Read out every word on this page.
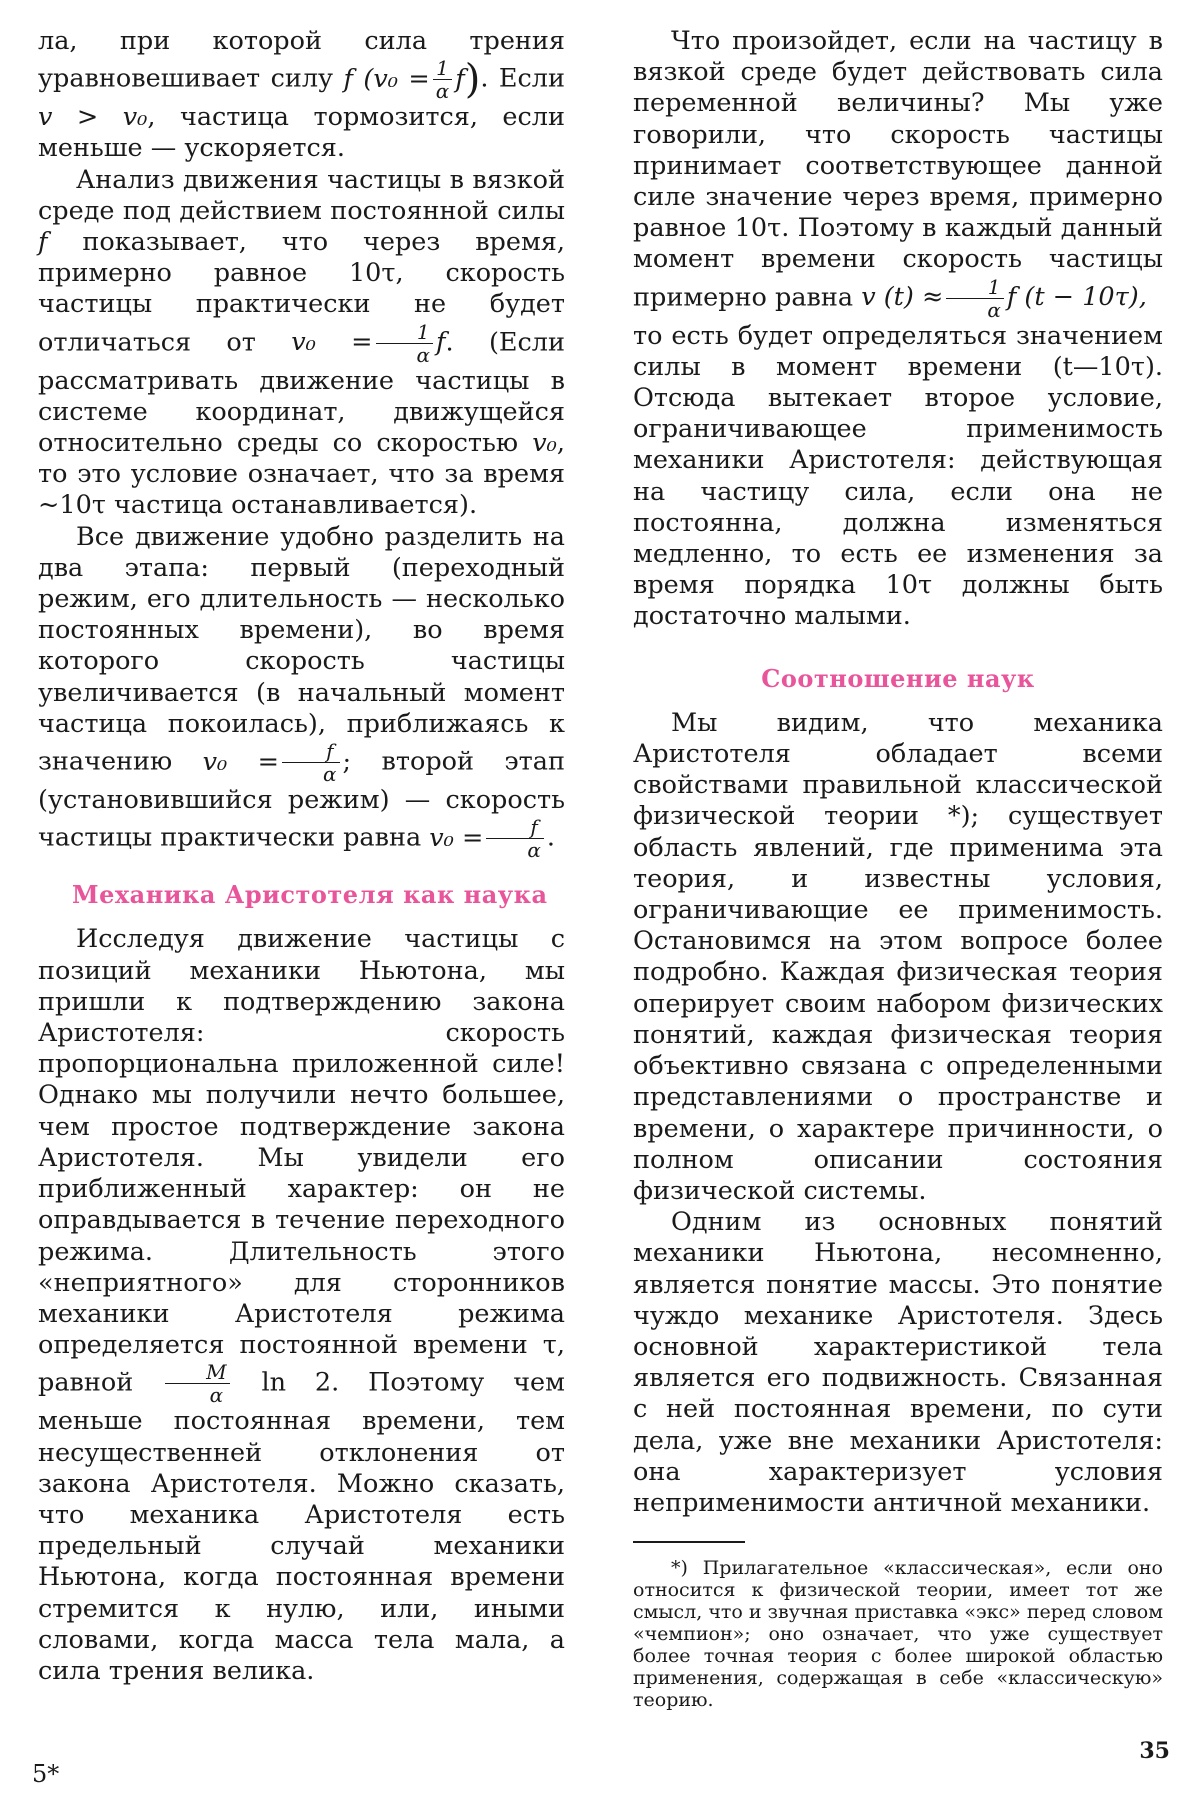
ла, при которой сила трения уравновешивает силу f $(v_0 = \frac{1}{\alpha} f)$. Если v > v₀, частица тормозится, если меньше — ускоряется.

Анализ движения частицы в вязкой среде под действием постоянной силы f показывает, что через время, примерно равное 10τ, скорость частицы практически не будет отличаться от $v_0 = \frac{1}{\alpha} f$. (Если рассматривать движение частицы в системе координат, движущейся относительно среды со скоростью v₀, то это условие означает, что за время ~10τ частица останавливается).

Все движение удобно разделить на два этапа: первый (переходный режим, его длительность — несколько постоянных времени), во время которого скорость частицы увеличивается (в начальный момент частица покоилась), приближаясь к значению $v_0 = \frac{f}{\alpha}$ ; второй этап (установившийся режим) — скорость частицы практически равна $v_0 = \frac{f}{\alpha}$ .

Механика Аристотеля как наука

Исследуя движение частицы с позиций механики Ньютона, мы пришли к подтверждению закона Аристотеля: скорость пропорциональна приложенной силе! Однако мы получили нечто большее, чем простое подтверждение закона Аристотеля. Мы увидели его приближенный характер: он не оправдывается в течение переходного режима. Длительность этого «неприятного» для сторонников механики Аристотеля режима определяется постоянной времени τ, равной $\frac{M}{\alpha}$ ln 2. Поэтому чем меньше постоянная времени, тем несущественней отклонения от закона Аристотеля. Можно сказать, что механика Аристотеля есть предельный случай механики Ньютона, когда постоянная времени стремится к нулю, или, иными словами, когда масса тела мала, а сила трения велика.

Что произойдет, если на частицу в вязкой среде будет действовать сила переменной величины? Мы уже говорили, что скорость частицы принимает соответствующее данной силе значение через время, примерно равное 10τ. Поэтому в каждый данный момент времени скорость частицы примерно равна v $(t) \approx \frac{1}{\alpha}$ f (t − 10τ),

то есть будет определяться значением силы в момент времени (t—10τ). Отсюда вытекает второе условие, ограничивающее применимость механики Аристотеля: действующая на частицу сила, если она не постоянна, должна изменяться медленно, то есть ее изменения за время порядка 10τ должны быть достаточно малыми.

Соотношение наук

Мы видим, что механика Аристотеля обладает всеми свойствами правильной классической физической теории *); существует область явлений, где применима эта теория, и известны условия, ограничивающие ее применимость. Остановимся на этом вопросе более подробно. Каждая физическая теория оперирует своим набором физических понятий, каждая физическая теория объективно связана с определенными представлениями о пространстве и времени, о характере причинности, о полном описании состояния физической системы.

Одним из основных понятий механики Ньютона, несомненно, является понятие массы. Это понятие чуждо механике Аристотеля. Здесь основной характеристикой тела является его подвижность. Связанная с ней постоянная времени, по сути дела, уже вне механики Аристотеля: она характеризует условия неприменимости античной механики.

*) Прилагательное «классическая», если оно относится к физической теории, имеет тот же смысл, что и звучная приставка «экс» перед словом «чемпион»; оно означает, что уже существует более точная теория с более широкой областью применения, содержащая в себе «классическую» теорию.

35
5*
